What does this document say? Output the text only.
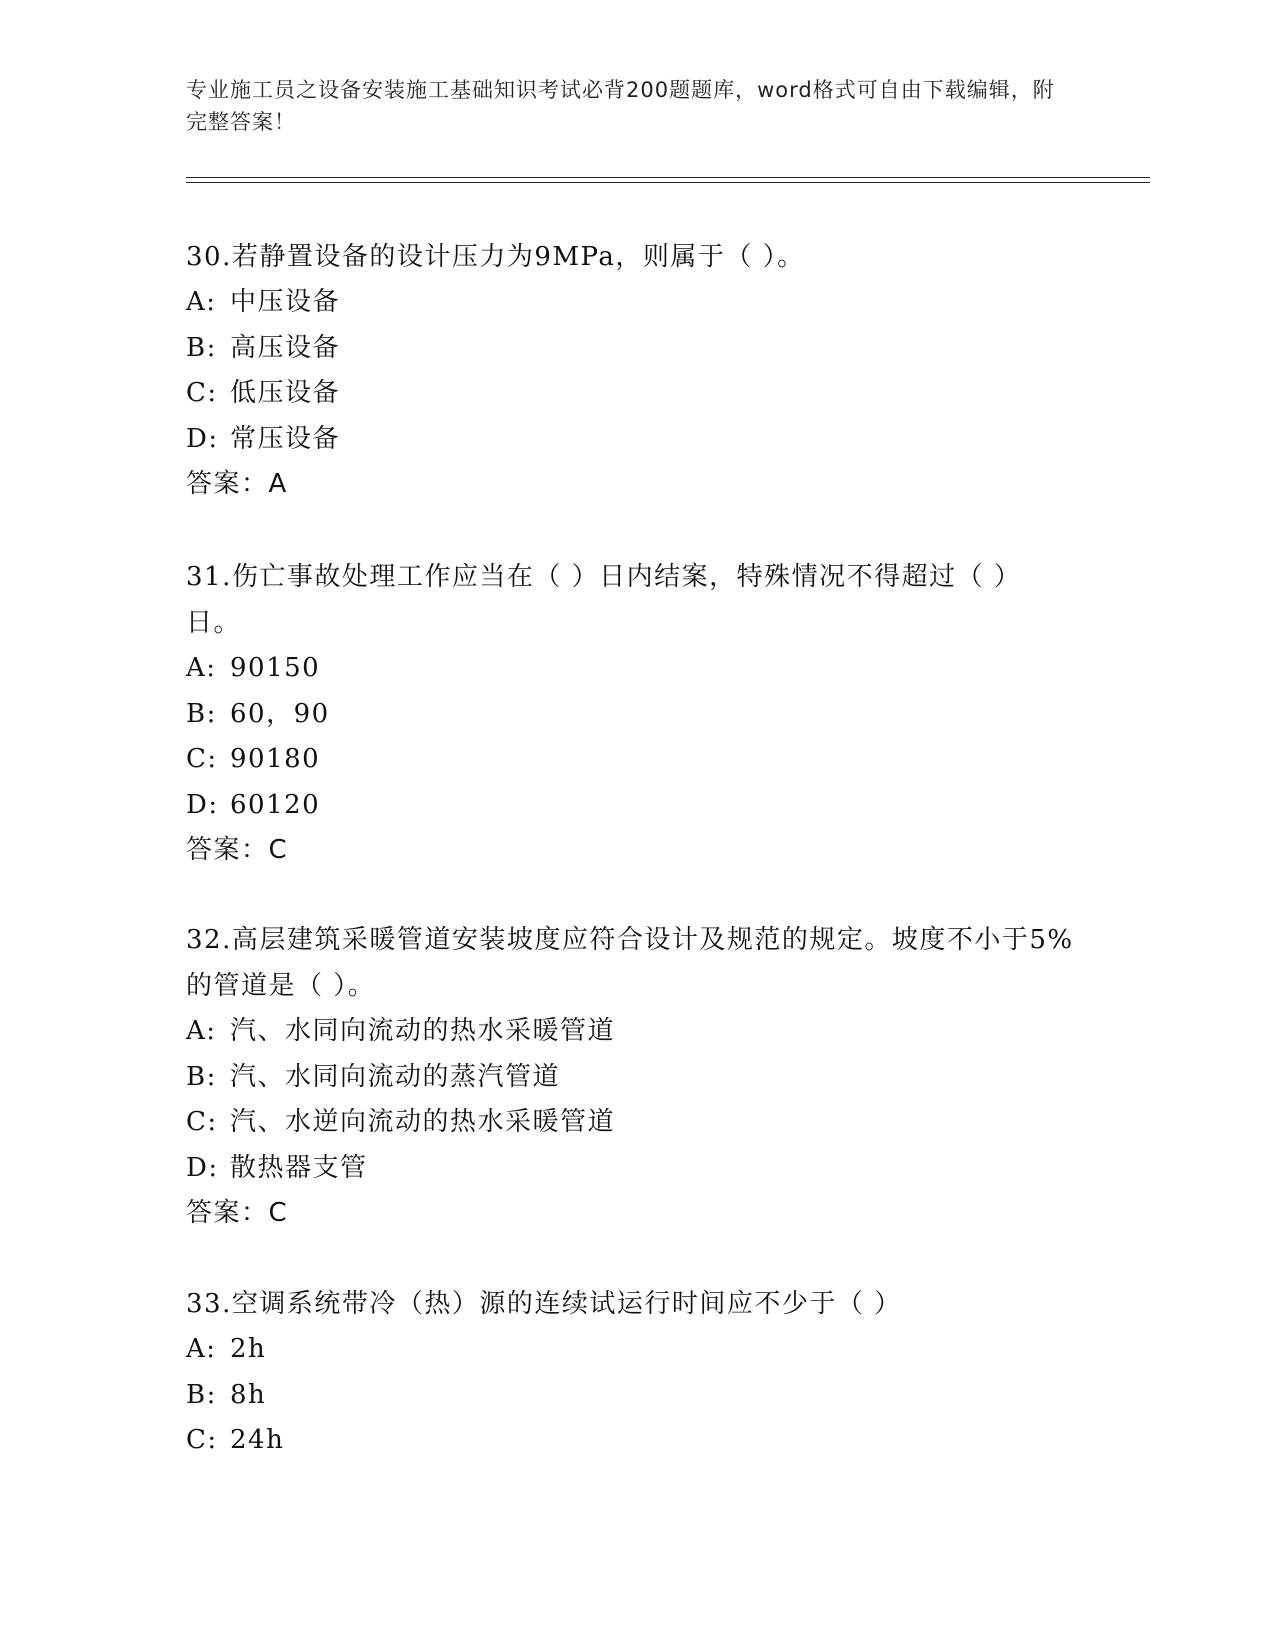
专业施工员之设备安装施工基础知识考试必背200题题库，word格式可自由下载编辑，附完整答案！

30.若静置设备的设计压力为9MPa，则属于（ ）。

A: 中压设备

B: 高压设备

C: 低压设备

D: 常压设备

答案：A

31.伤亡事故处理工作应当在（ ）日内结案，特殊情况不得超过（ ）日。

A: 90150

B: 60，90

C: 90180

D: 60120

答案：C

32.高层建筑采暖管道安装坡度应符合设计及规范的规定。坡度不小于5%的管道是（ ）。

A: 汽、水同向流动的热水采暖管道

B: 汽、水同向流动的蒸汽管道

C: 汽、水逆向流动的热水采暖管道

D: 散热器支管

答案：C

33.空调系统带冷（热）源的连续试运行时间应不少于（ ）

A: 2h

B: 8h

C: 24h
